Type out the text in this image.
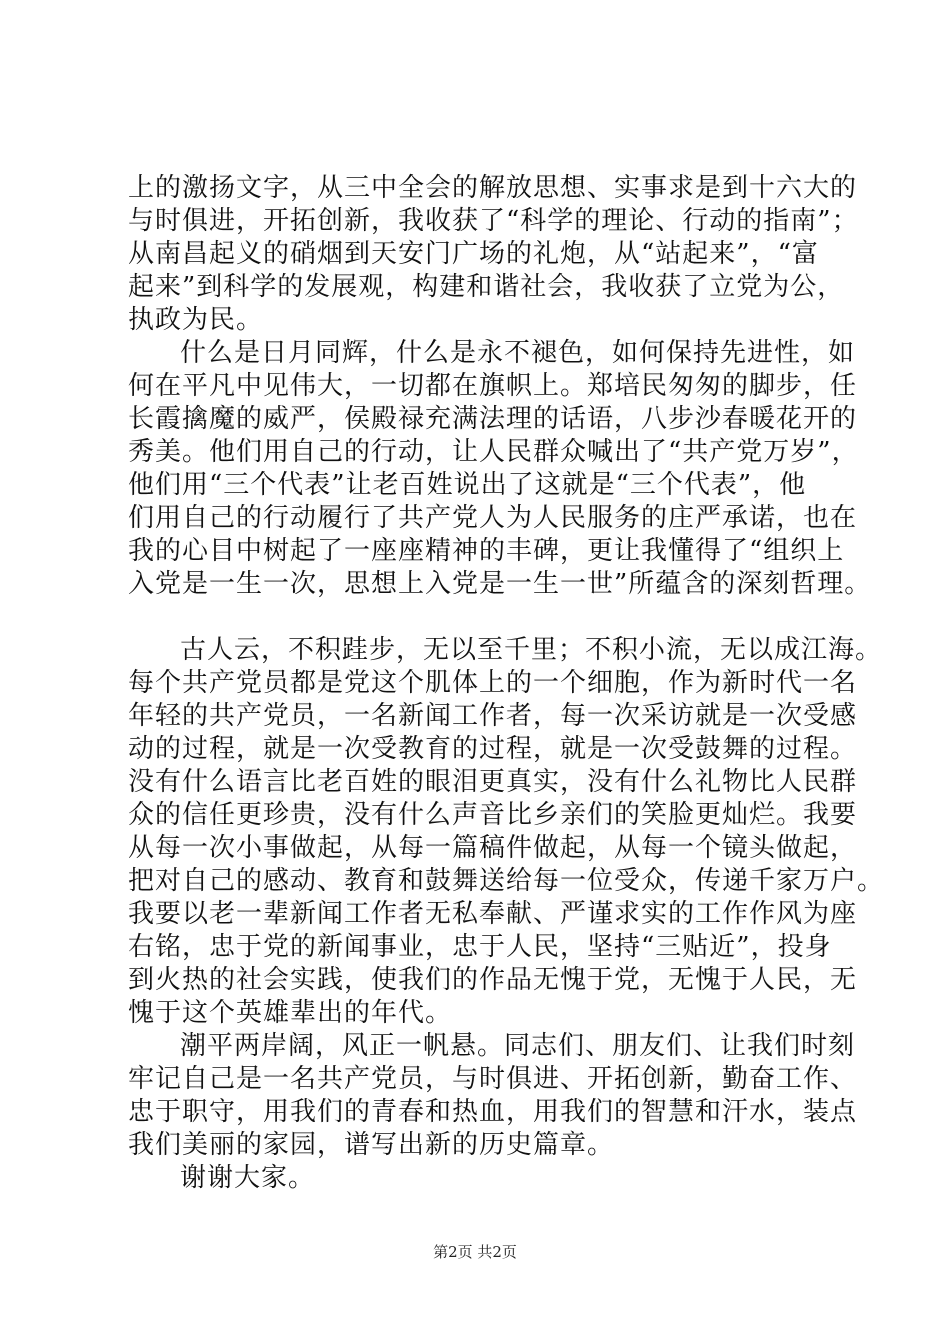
上的激扬文字，从三中全会的解放思想、实事求是到十六大的
与时俱进，开拓创新，我收获了“科学的理论、行动的指南”；
从南昌起义的硝烟到天安门广场的礼炮，从“站起来”，“富
起来”到科学的发展观，构建和谐社会，我收获了立党为公，
执政为民。
什么是日月同辉，什么是永不褪色，如何保持先进性，如
何在平凡中见伟大，一切都在旗帜上。郑培民匆匆的脚步，任
长霞擒魔的威严，侯殿禄充满法理的话语，八步沙春暖花开的
秀美。他们用自己的行动，让人民群众喊出了“共产党万岁”，
他们用“三个代表”让老百姓说出了这就是“三个代表”，他
们用自己的行动履行了共产党人为人民服务的庄严承诺，也在
我的心目中树起了一座座精神的丰碑，更让我懂得了“组织上
入党是一生一次，思想上入党是一生一世”所蕴含的深刻哲理。
古人云，不积跬步，无以至千里；不积小流，无以成江海。
每个共产党员都是党这个肌体上的一个细胞，作为新时代一名
年轻的共产党员，一名新闻工作者，每一次采访就是一次受感
动的过程，就是一次受教育的过程，就是一次受鼓舞的过程。
没有什么语言比老百姓的眼泪更真实，没有什么礼物比人民群
众的信任更珍贵，没有什么声音比乡亲们的笑脸更灿烂。我要
从每一次小事做起，从每一篇稿件做起，从每一个镜头做起，
把对自己的感动、教育和鼓舞送给每一位受众，传递千家万户。
我要以老一辈新闻工作者无私奉献、严谨求实的工作作风为座
右铭，忠于党的新闻事业，忠于人民，坚持“三贴近”，投身
到火热的社会实践，使我们的作品无愧于党，无愧于人民，无
愧于这个英雄辈出的年代。
潮平两岸阔，风正一帆悬。同志们、朋友们、让我们时刻
牢记自己是一名共产党员，与时俱进、开拓创新，勤奋工作、
忠于职守，用我们的青春和热血，用我们的智慧和汗水，装点
我们美丽的家园，谱写出新的历史篇章。
谢谢大家。
第2页 共2页
